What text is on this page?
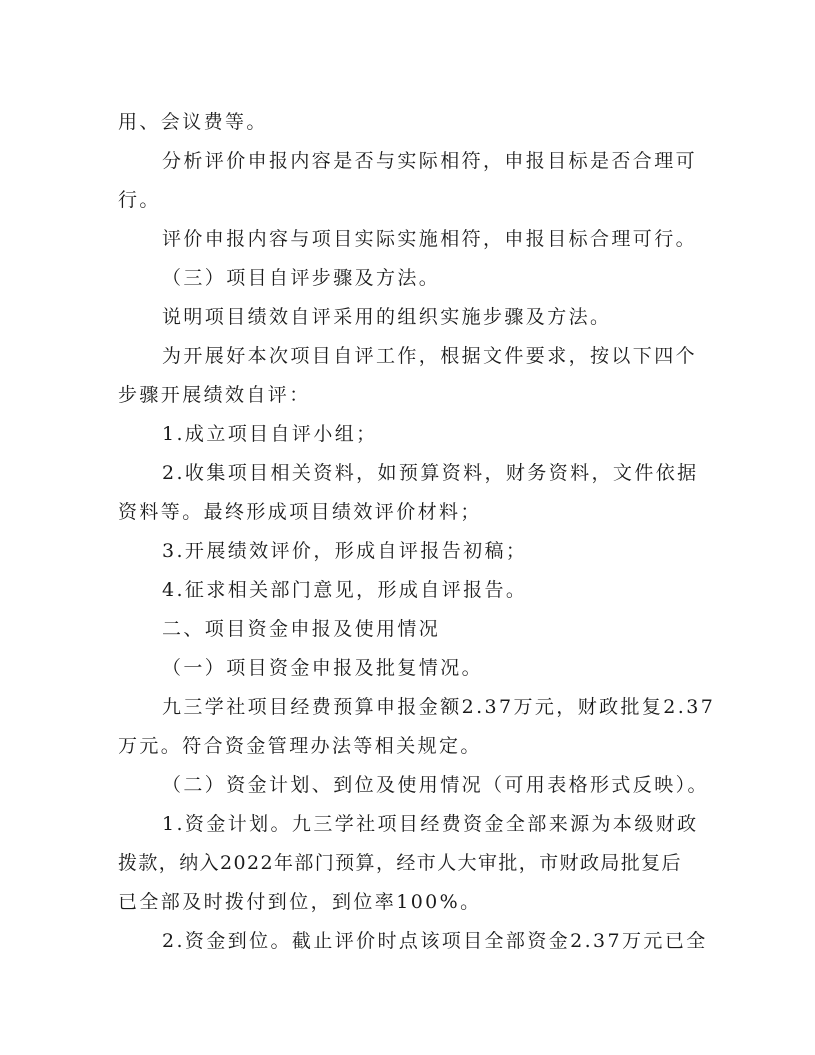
用、会议费等。
分析评价申报内容是否与实际相符，申报目标是否合理可
行。
评价申报内容与项目实际实施相符，申报目标合理可行。
（三）项目自评步骤及方法。
说明项目绩效自评采用的组织实施步骤及方法。
为开展好本次项目自评工作，根据文件要求，按以下四个
步骤开展绩效自评：
1.成立项目自评小组；
2.收集项目相关资料，如预算资料，财务资料，文件依据
资料等。最终形成项目绩效评价材料；
3.开展绩效评价，形成自评报告初稿；
4.征求相关部门意见，形成自评报告。
二、项目资金申报及使用情况
（一）项目资金申报及批复情况。
九三学社项目经费预算申报金额2.37万元，财政批复2.37
万元。符合资金管理办法等相关规定。
（二）资金计划、到位及使用情况（可用表格形式反映）。
1.资金计划。九三学社项目经费资金全部来源为本级财政
拨款，纳入2022年部门预算，经市人大审批，市财政局批复后
已全部及时拨付到位，到位率100%。
2.资金到位。截止评价时点该项目全部资金2.37万元已全
